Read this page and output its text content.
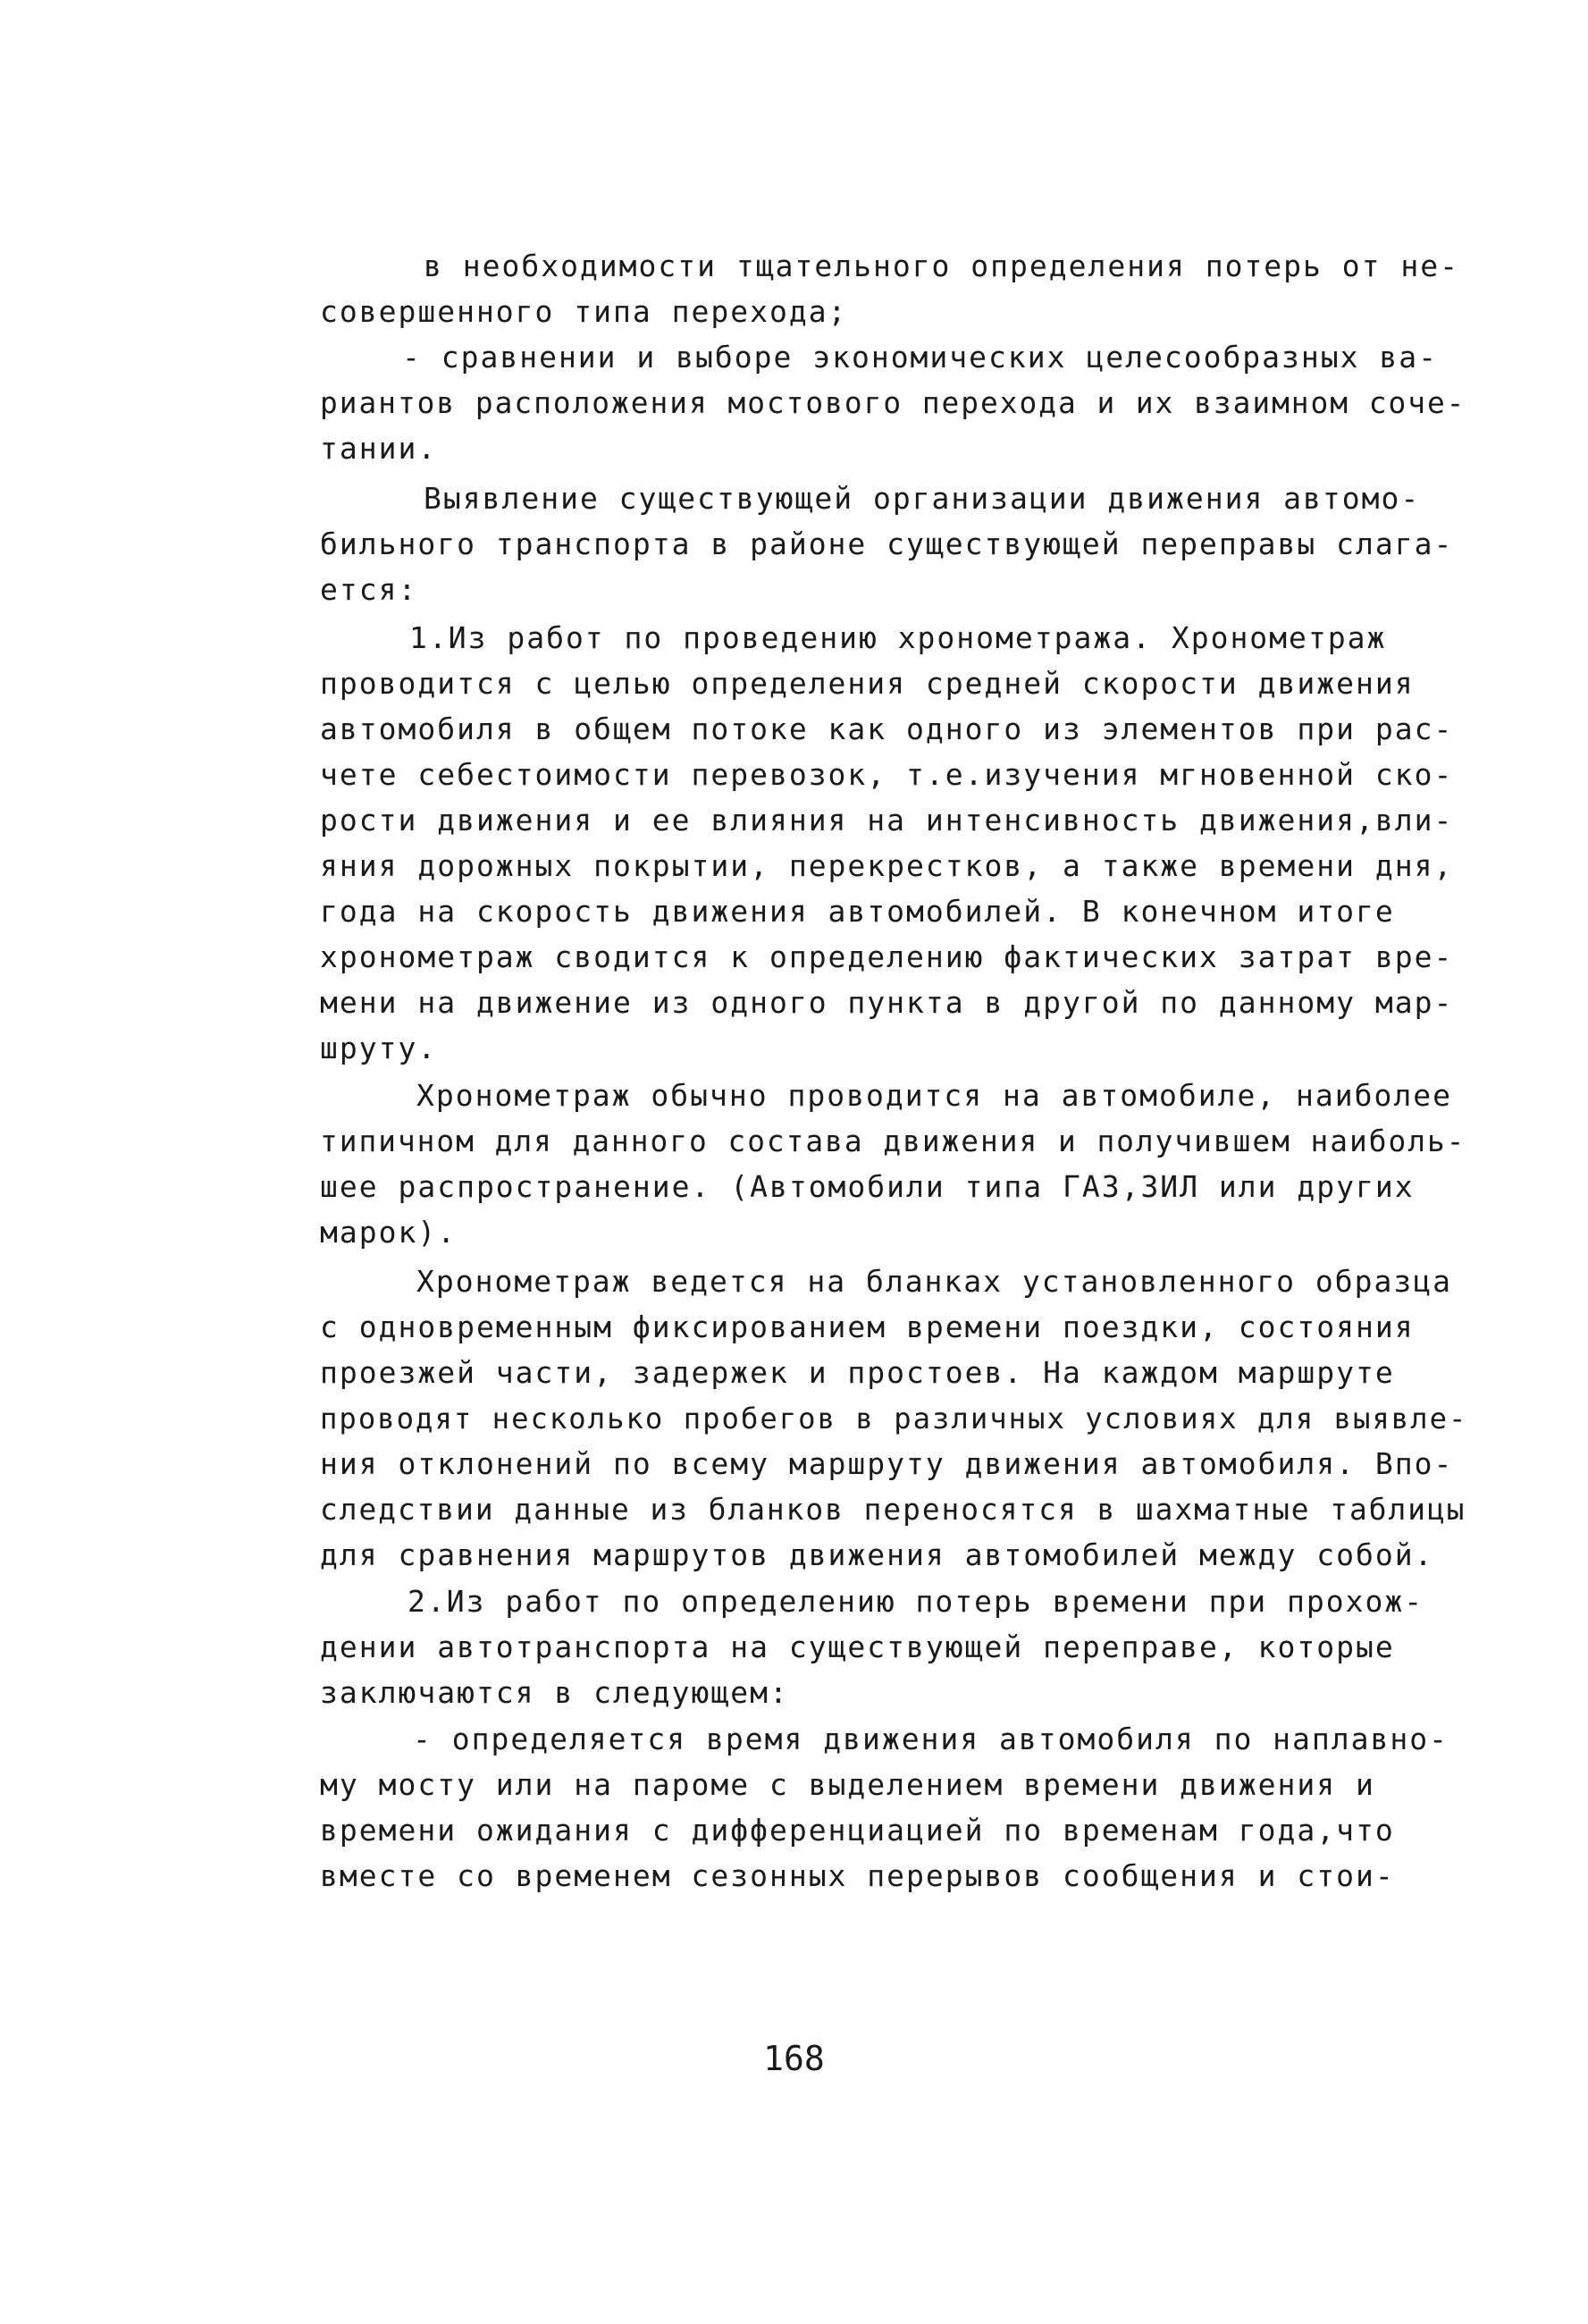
в необходимости тщательного определения потерь от не-
совершенного типа перехода;
- сравнении и выборе экономических целесообразных ва-
риантов расположения мостового перехода и их взаимном соче-
тании.
Выявление существующей организации движения автомо-
бильного транспорта в районе существующей переправы слага-
ется:
1.Из работ по проведению хронометража. Хронометраж
проводится с целью определения средней скорости движения
автомобиля в общем потоке как одного из элементов при рас-
чете себестоимости перевозок, т.е.изучения мгновенной ско-
рости движения и ее влияния на интенсивность движения,вли-
яния дорожных покрытии, перекрестков, а также времени дня,
года на скорость движения автомобилей. В конечном итоге
хронометраж сводится к определению фактических затрат вре-
мени на движение из одного пункта в другой по данному мар-
шруту.
Хронометраж обычно проводится на автомобиле, наиболее
типичном для данного состава движения и получившем наиболь-
шее распространение. (Автомобили типа ГАЗ,ЗИЛ или других
марок).
Хронометраж ведется на бланках установленного образца
с одновременным фиксированием времени поездки, состояния
проезжей части, задержек и простоев. На каждом маршруте
проводят несколько пробегов в различных условиях для выявле-
ния отклонений по всему маршруту движения автомобиля. Впо-
следствии данные из бланков переносятся в шахматные таблицы
для сравнения маршрутов движения автомобилей между собой.
2.Из работ по определению потерь времени при прохож-
дении автотранспорта на существующей переправе, которые
заключаются в следующем:
- определяется время движения автомобиля по наплавно-
му мосту или на пароме с выделением времени движения и
времени ожидания с дифференциацией по временам года,что
вместе со временем сезонных перерывов сообщения и стои-
168
